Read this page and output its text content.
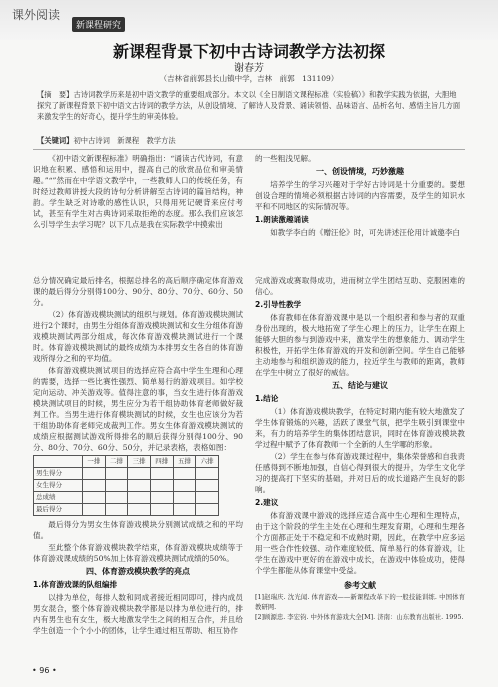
课外阅读
新课程研究
新课程背景下初中古诗词教学方法初探
谢春芳
（吉林省前郭县长山镇中学，吉林　前郭　131109）
【摘　要】古诗词教学历来是初中语文教学的重要组成部分。本文以《全日制语文课程标准（实验稿）》和教学实践为依据，大胆地探究了新课程背景下初中语文古诗词的教学方法，从创设情境、了解诗人及背景、诵读领悟、品味语言、品析名句、感悟主旨几方面来激发学生的好奇心，提升学生的审美体验。
【关键词】初中古诗词　新课程　教学方法

《初中语文新课程标准》明确指出：“诵读古代诗词，有意识地在积累、感悟和运用中，提高自己的欣赏品位和审美情趣。”“”然而在中学语文教学中，一些教师人口的传统任务，有时经过教师讲授大段的诗句分析讲解至古诗词的篇旨结构，神韵。学生缺乏对诗歌的感性认识，只得用死记硬背来应付考试，甚至有学生对古典诗词采取拒绝的态度。那么我们应该怎么引导学生去学习呢？以下几点是我在实际教学中摸索出

的一些粗浅见解。

一、创设情境，巧妙激趣

培养学生的学习兴趣对于学好古诗词是十分重要的。要想创设合理的情境必须根据古诗词的内容需要，及学生的知识水平和不同地区的实际情况等。

1.朗读激趣诵读

如教学李白的《赠汪伦》时，可先讲述汪伦用计诚邀李白

总分情况确定最后排名，根据总排名的高后顺序确定体育游戏课的最后得分分别得100分、90分、80分、70分、60分、50分。

（2）体育游戏模块测试的组织与规划。体育游戏模块测试进行2个课时，由男生分组体育游戏模块测试和女生分组体育游戏模块测试两部分组成，每次体育游戏模块测试进行一个课时。体育游戏模块测试的最终成绩为本排男女生各自的体育游戏所得分之和的平均值。

体育游戏模块测试项目的选择应符合高中学生生理和心理的需要，选择一些比赛性强烈、简单易行的游戏项目。如学校定向运动、冲关游戏等。值得注意的事，当女生进行体育游戏模块测试项目的时候，男生应分为若干组协助体育老师做好裁判工作。当男生进行体育模块测试的时候，女生也应该分为若干组协助体育老师完成裁判工作。男女生体育游戏模块测试的成绩应根据测试游戏所得排名的顺后获得分别得100分、90分、80分、70分、60分、50分，并记录表格，表格如图：

	一排	二排	三排	四排	五排	六排
男生得分						
女生得分						
总成绩						
最后得分						

最后得分为男女生体育游戏模块分别测试成绩之和的平均值。

至此整个体育游戏模块教学结束，体育游戏模块成绩等于体育游戏课成绩的50%加上体育游戏模块测试成绩的50%。

四、体育游戏模块教学的亮点
1.体育游戏课的队组编排

以排为单位，每排人数和同成者接近相同即可，排内成员男女混合，整个体育游戏模块教学都是以排为单位进行的，排内有男生也有女生，极大地激发学生之间的相互合作，并且给学生创造一个个小小的团体，让学生通过相互帮助、相互协作

完成游戏或赛取得成功，进而树立学生团结互助、克服困难的信心。

2.引导性教学

体育教师在体育游戏课中是以一个组织者和参与者的双重身份出现的，极大地拓宽了学生心理上的压力，让学生在跟上能够大胆的参与到游戏中来，激发学生的想象能力、调动学生积极性，开拓学生体育游戏的开发和创新空间。学生自己能够主动地参与和组织游戏的能力，拉近学生与教师的距离，教师在学生中树立了很好的威信。

五、结论与建议
1.结论

（1）体育游戏模块教学，在特定时期内能有较大地激发了学生体育锻炼的兴趣，活跃了课堂气氛，把学生吸引到课堂中来，有力的培养学生的集体团结意识，同时在体育游戏模块教学过程中赋予了体育教师一个全新的人生学哪的形象。

（2）学生在参与体育游戏课过程中，集体荣誉感和自我责任感得到不断地加强，自信心得到很大的提升，为学生文化学习的提高打下坚实的基础，并对日后的成长道路产生良好的影响。

2.建议

体育游戏课中游戏的选择应适合高中生心理和生理特点，由于这个阶段的学生主处在心理和生理发育期，心理和生理各个方面都正处于不稳定和不成熟时期，因此，在教学中应多运用一些合作性较强、动作难度较低、简单易行的体育游戏，让学生在游戏中更好的在游戏中成长，在游戏中体验成功，使得个学生都能从体育课堂中受益。

参考文献

[1]赵瑞庆. 沈光闻. 体育游戏——新课程改革下的一般技能训练. 中国体育教研网.

[2]顾源忠. 李宏钧. 中外体育游戏大全[M]. 济南：山东教育出版社. 1995.

• 96 •
